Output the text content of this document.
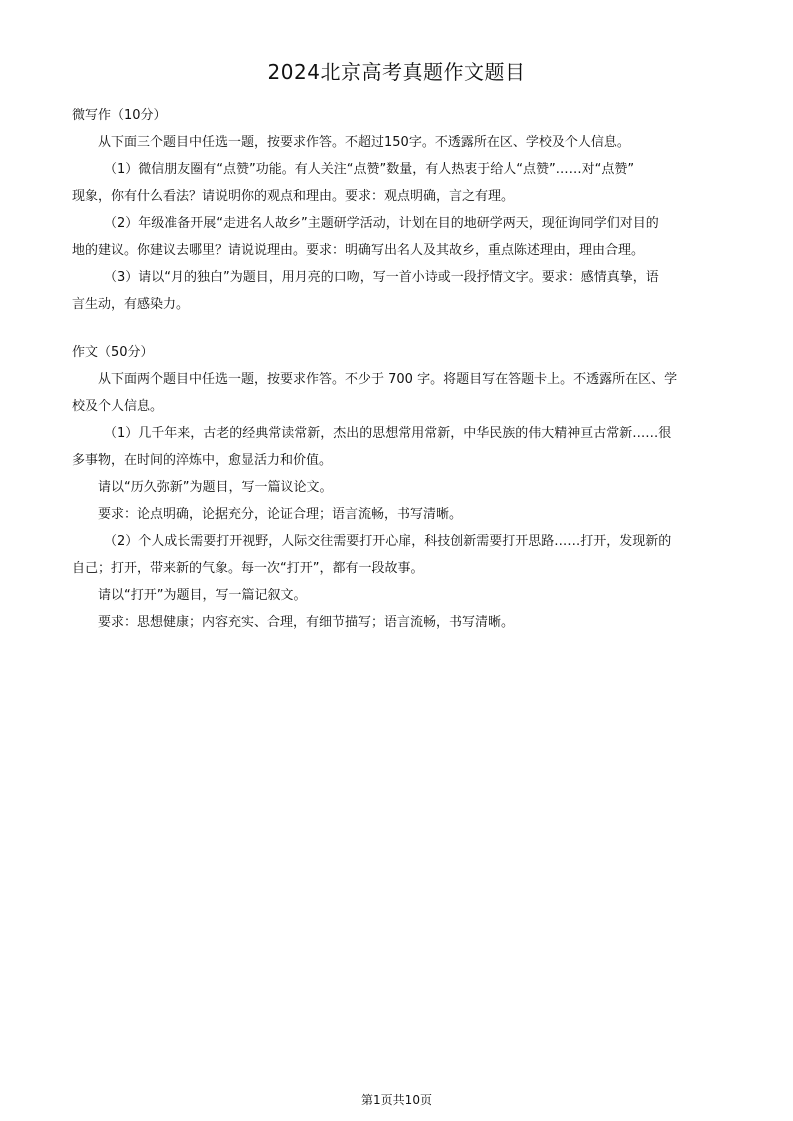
2024北京高考真题作文题目
微写作（10分）
从下面三个题目中任选一题，按要求作答。不超过150字。不透露所在区、学校及个人信息。
（1）微信朋友圈有“点赞”功能。有人关注“点赞”数量，有人热衷于给人“点赞”……对“点赞”
现象，你有什么看法？请说明你的观点和理由。要求：观点明确，言之有理。
（2）年级准备开展“走进名人故乡”主题研学活动，计划在目的地研学两天，现征询同学们对目的
地的建议。你建议去哪里？请说说理由。要求：明确写出名人及其故乡，重点陈述理由，理由合理。
（3）请以“月的独白”为题目，用月亮的口吻，写一首小诗或一段抒情文字。要求：感情真挚，语
言生动，有感染力。
作文（50分）
从下面两个题目中任选一题，按要求作答。不少于 700 字。将题目写在答题卡上。不透露所在区、学
校及个人信息。
（1）几千年来，古老的经典常读常新，杰出的思想常用常新，中华民族的伟大精神亘古常新……很
多事物，在时间的淬炼中，愈显活力和价值。
请以“历久弥新”为题目，写一篇议论文。
要求：论点明确，论据充分，论证合理；语言流畅，书写清晰。
（2）个人成长需要打开视野，人际交往需要打开心扉，科技创新需要打开思路……打开，发现新的
自己；打开，带来新的气象。每一次“打开”，都有一段故事。
请以“打开”为题目，写一篇记叙文。
要求：思想健康；内容充实、合理，有细节描写；语言流畅，书写清晰。
第1页共10页
